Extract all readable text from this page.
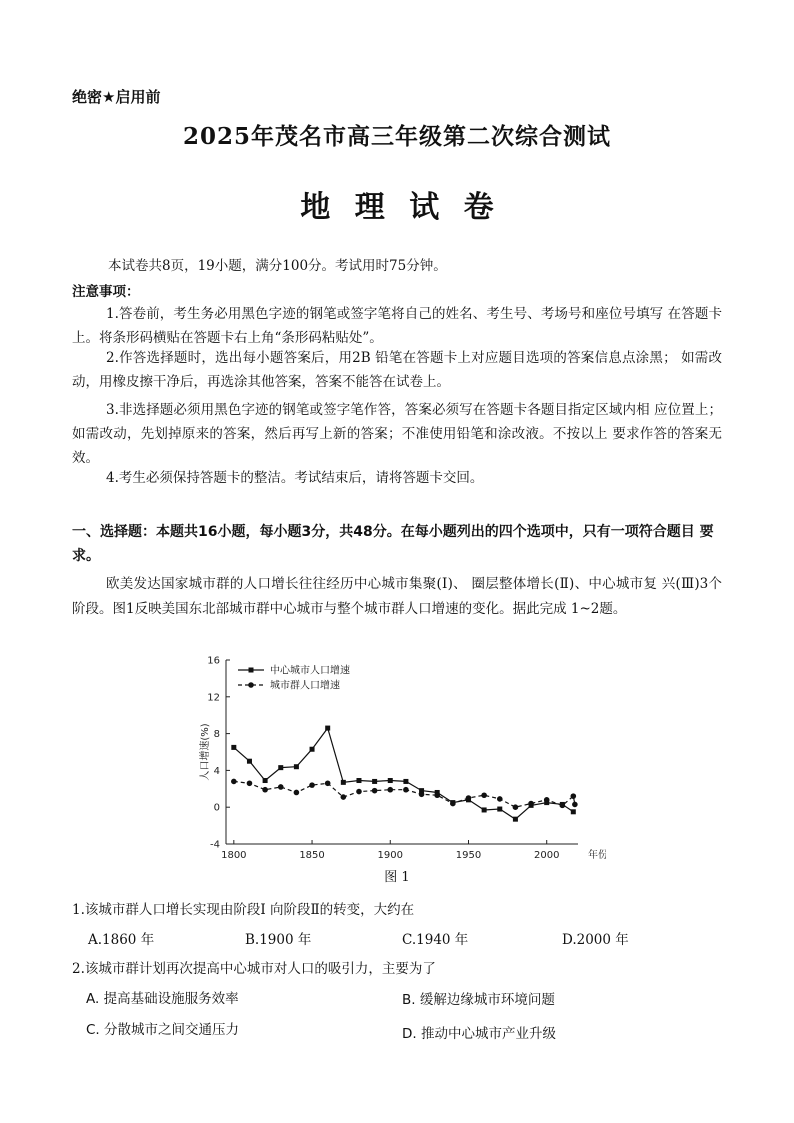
绝密★启用前
2025年茂名市高三年级第二次综合测试
地 理 试 卷
本试卷共8页，19小题，满分100分。考试用时75分钟。
注意事项：
1.答卷前，考生务必用黑色字迹的钢笔或签字笔将自己的姓名、考生号、考场号和座位号填写 在答题卡上。将条形码横贴在答题卡右上角“条形码粘贴处”。
2.作答选择题时，选出每小题答案后，用2B 铅笔在答题卡上对应题目选项的答案信息点涂黑； 如需改动，用橡皮擦干净后，再选涂其他答案，答案不能答在试卷上。
3.非选择题必须用黑色字迹的钢笔或签字笔作答，答案必须写在答题卡各题目指定区域内相 应位置上；如需改动，先划掉原来的答案，然后再写上新的答案；不准使用铅笔和涂改液。不按以上 要求作答的答案无效。
4.考生必须保持答题卡的整洁。考试结束后，请将答题卡交回。
一、选择题：本题共16小题，每小题3分，共48分。在每小题列出的四个选项中，只有一项符合题目 要求。
欧美发达国家城市群的人口增长往往经历中心城市集聚(Ⅰ)、 圈层整体增长(Ⅱ)、中心城市复 兴(Ⅲ)3个阶段。图1反映美国东北部城市群中心城市与整个城市群人口增速的变化。据此完成 1~2题。
-4
0
4
8
12
16
1800	1850	1900	1950	2000	年份
人口增速(%)
中心城市人口增速
城市群人口增速
图 1
1.该城市群人口增长实现由阶段Ⅰ 向阶段Ⅱ的转变，大约在
A.1860 年	B.1900 年	C.1940 年	D.2000 年
2.该城市群计划再次提高中心城市对人口的吸引力，主要为了
A. 提高基础设施服务效率	B. 缓解边缘城市环境问题
C. 分散城市之间交通压力	D. 推动中心城市产业升级
